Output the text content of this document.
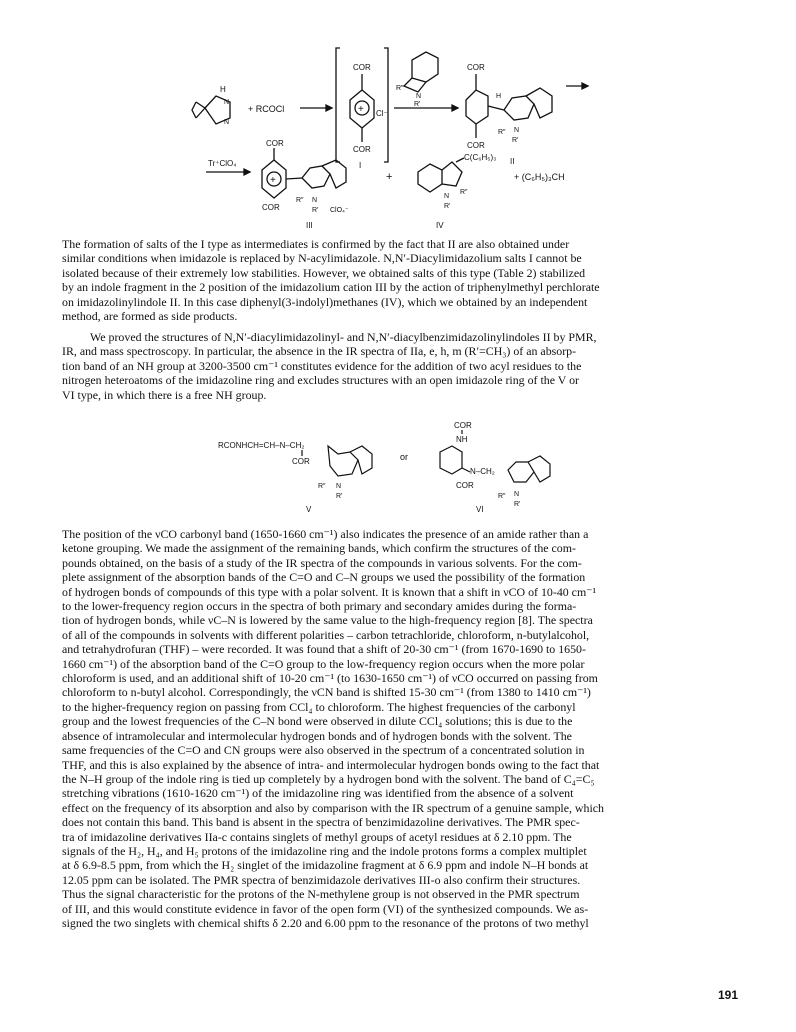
H
N
N
+ RCOCl	+
COR
COR
Cl⁻
I
R″
N
R′
COR
COR
H
R″ N
R′
II
Tr⁺ClO₄
+
COR
COR
R″ N
R′ ClO₄⁻
III
+
C(C₆H₅)₃
R″
N
R′
IV
+ (C₆H₅)₃CH
The formation of salts of the I type as intermediates is confirmed by the fact that II are also obtained under
similar conditions when imidazole is replaced by N-acylimidazole. N,N′-Diacylimidazolium salts I cannot be
isolated because of their extremely low stabilities. However, we obtained salts of this type (Table 2) stabilized
by an indole fragment in the 2 position of the imidazolium cation III by the action of triphenylmethyl perchlorate
on imidazolinylindole II. In this case diphenyl(3-indolyl)methanes (IV), which we obtained by an independent
method, are formed as side products.
We proved the structures of N,N′-diacylimidazolinyl- and N,N′-diacylbenzimidazolinylindoles II by PMR,
IR, and mass spectroscopy. In particular, the absence in the IR spectra of IIa, e, h, m (R′=CH₃) of an absorp-
tion band of an NH group at 3200-3500 cm⁻¹ constitutes evidence for the addition of two acyl residues to the
nitrogen heteroatoms of the imidazoline ring and excludes structures with an open imidazole ring of the V or
VI type, in which there is a free NH group.
RCONHCH=CH–N–CH₂
COR
R″ N
R′
V
or
COR
NH
N–CH₂
COR
R″ N
R′
VI
The position of the νCO carbonyl band (1650-1660 cm⁻¹) also indicates the presence of an amide rather than a
ketone grouping. We made the assignment of the remaining bands, which confirm the structures of the com-
pounds obtained, on the basis of a study of the IR spectra of the compounds in various solvents. For the com-
plete assignment of the absorption bands of the C=O and C–N groups we used the possibility of the formation
of hydrogen bonds of compounds of this type with a polar solvent. It is known that a shift in νCO of 10-40 cm⁻¹
to the lower-frequency region occurs in the spectra of both primary and secondary amides during the forma-
tion of hydrogen bonds, while νC–N is lowered by the same value to the high-frequency region [8]. The spectra
of all of the compounds in solvents with different polarities – carbon tetrachloride, chloroform, n-butylalcohol,
and tetrahydrofuran (THF) – were recorded. It was found that a shift of 20-30 cm⁻¹ (from 1670-1690 to 1650-
1660 cm⁻¹) of the absorption band of the C=O group to the low-frequency region occurs when the more polar
chloroform is used, and an additional shift of 10-20 cm⁻¹ (to 1630-1650 cm⁻¹) of νCO occurred on passing from
chloroform to n-butyl alcohol. Correspondingly, the νCN band is shifted 15-30 cm⁻¹ (from 1380 to 1410 cm⁻¹)
to the higher-frequency region on passing from CCl₄ to chloroform. The highest frequencies of the carbonyl
group and the lowest frequencies of the C–N bond were observed in dilute CCl₄ solutions; this is due to the
absence of intramolecular and intermolecular hydrogen bonds and of hydrogen bonds with the solvent. The
same frequencies of the C=O and CN groups were also observed in the spectrum of a concentrated solution in
THF, and this is also explained by the absence of intra- and intermolecular hydrogen bonds owing to the fact that
the N–H group of the indole ring is tied up completely by a hydrogen bond with the solvent. The band of C₄=C₅
stretching vibrations (1610-1620 cm⁻¹) of the imidazoline ring was identified from the absence of a solvent
effect on the frequency of its absorption and also by comparison with the IR spectrum of a genuine sample, which
does not contain this band. This band is absent in the spectra of benzimidazoline derivatives. The PMR spec-
tra of imidazoline derivatives IIa-c contains singlets of methyl groups of acetyl residues at δ 2.10 ppm. The
signals of the H₂, H₄, and H₅ protons of the imidazoline ring and the indole protons forms a complex multiplet
at δ 6.9-8.5 ppm, from which the H₂ singlet of the imidazoline fragment at δ 6.9 ppm and indole N–H bonds at
12.05 ppm can be isolated. The PMR spectra of benzimidazole derivatives III-o also confirm their structures.
Thus the signal characteristic for the protons of the N-methylene group is not observed in the PMR spectrum
of III, and this would constitute evidence in favor of the open form (VI) of the synthesized compounds. We as-
signed the two singlets with chemical shifts δ 2.20 and 6.00 ppm to the resonance of the protons of two methyl
191
